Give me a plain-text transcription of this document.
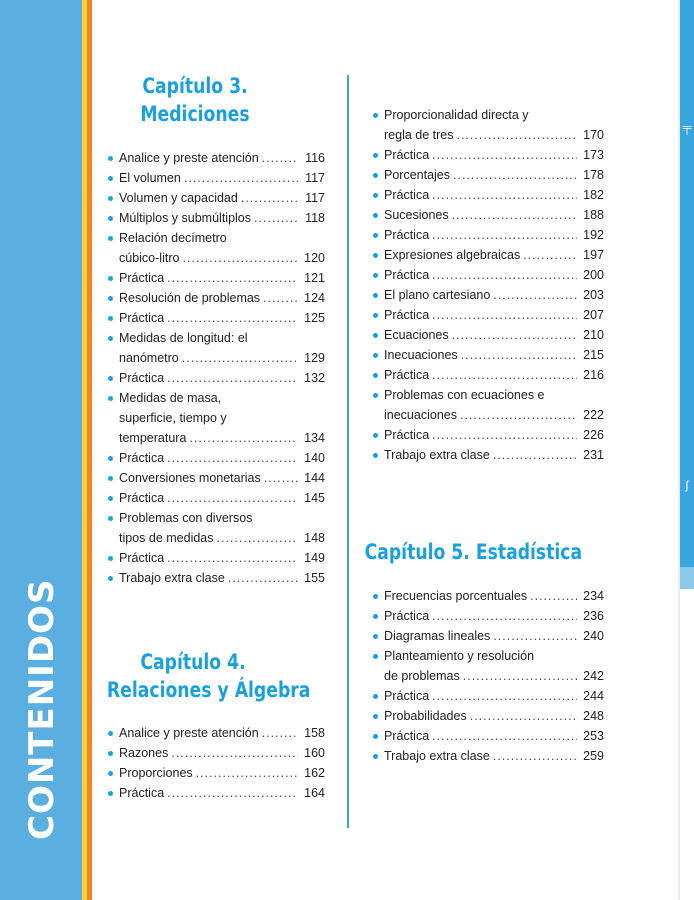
CONTENIDOS
╤
ʃ
Capítulo 3.
Mediciones
Analice y preste atención .....	116
El volumen .....	117
Volumen y capacidad .....	117
Múltiplos y submúltiplos .....	118
Relación decímetro
cúbico-litro .....	120
Práctica .....	121
Resolución de problemas .....	124
Práctica .....	125
Medidas de longitud: el
nanómetro .....	129
Práctica .....	132
Medidas de masa,
superficie, tiempo y
temperatura .....	134
Práctica .....	140
Conversiones monetarias .....	144
Práctica .....	145
Problemas con diversos
tipos de medidas .....	148
Práctica .....	149
Trabajo extra clase .....	155
Capítulo 4.
Relaciones y Álgebra
Analice y preste atención .....	158
Razones .....	160
Proporciones .....	162
Práctica .....	164
Proporcionalidad directa y
regla de tres .....	170
Práctica .....	173
Porcentajes .....	178
Práctica .....	182
Sucesiones .....	188
Práctica .....	192
Expresiones algebraicas .....	197
Práctica .....	200
El plano cartesiano .....	203
Práctica .....	207
Ecuaciones .....	210
Inecuaciones .....	215
Práctica .....	216
Problemas con ecuaciones e
inecuaciones .....	222
Práctica .....	226
Trabajo extra clase .....	231
Capítulo 5. Estadística
Frecuencias porcentuales .....	234
Práctica .....	236
Diagramas lineales .....	240
Planteamiento y resolución
de problemas .....	242
Práctica .....	244
Probabilidades .....	248
Práctica .....	253
Trabajo extra clase .....	259
